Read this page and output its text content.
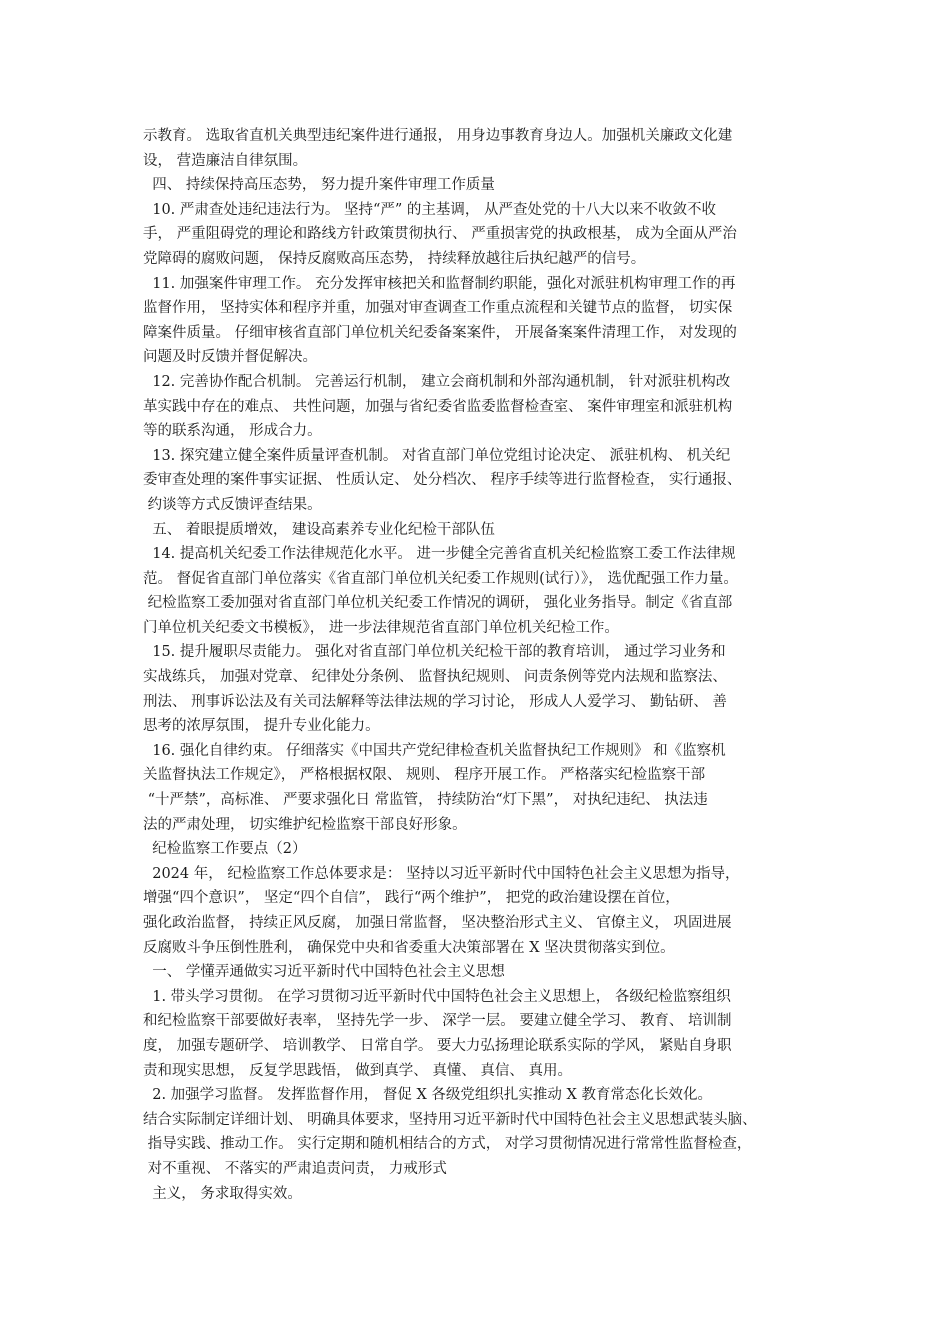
示教育。 选取省直机关典型违纪案件进行通报， 用身边事教育身边人。加强机关廉政文化建
设， 营造廉洁自律氛围。
四、 持续保持高压态势， 努力提升案件审理工作质量
10. 严肃查处违纪违法行为。 坚持“严” 的主基调， 从严查处党的十八大以来不收敛不收
手， 严重阻碍党的理论和路线方针政策贯彻执行、 严重损害党的执政根基， 成为全面从严治
党障碍的腐败问题， 保持反腐败高压态势， 持续释放越往后执纪越严的信号。
11. 加强案件审理工作。 充分发挥审核把关和监督制约职能，强化对派驻机构审理工作的再
监督作用， 坚持实体和程序并重，加强对审查调查工作重点流程和关键节点的监督， 切实保
障案件质量。 仔细审核省直部门单位机关纪委备案案件， 开展备案案件清理工作， 对发现的
问题及时反馈并督促解决。
12. 完善协作配合机制。 完善运行机制， 建立会商机制和外部沟通机制， 针对派驻机构改
革实践中存在的难点、 共性问题，加强与省纪委省监委监督检查室、 案件审理室和派驻机构
等的联系沟通， 形成合力。
13. 探究建立健全案件质量评查机制。 对省直部门单位党组讨论决定、 派驻机构、 机关纪
委审查处理的案件事实证据、 性质认定、 处分档次、 程序手续等进行监督检查， 实行通报、
约谈等方式反馈评查结果。
五、 着眼提质增效， 建设高素养专业化纪检干部队伍
14. 提高机关纪委工作法律规范化水平。 进一步健全完善省直机关纪检监察工委工作法律规
范。 督促省直部门单位落实《省直部门单位机关纪委工作规则(试行）》， 选优配强工作力量。
纪检监察工委加强对省直部门单位机关纪委工作情况的调研， 强化业务指导。制定《省直部
门单位机关纪委文书模板》， 进一步法律规范省直部门单位机关纪检工作。
15. 提升履职尽责能力。 强化对省直部门单位机关纪检干部的教育培训， 通过学习业务和
实战练兵， 加强对党章、 纪律处分条例、 监督执纪规则、 问责条例等党内法规和监察法、
刑法、 刑事诉讼法及有关司法解释等法律法规的学习讨论， 形成人人爱学习、 勤钻研、 善
思考的浓厚氛围， 提升专业化能力。
16. 强化自律约束。 仔细落实《中国共产党纪律检查机关监督执纪工作规则》 和《监察机
关监督执法工作规定》， 严格根据权限、 规则、 程序开展工作。 严格落实纪检监察干部
“十严禁”，高标准、 严要求强化日 常监管， 持续防治“灯下黑”， 对执纪违纪、 执法违
法的严肃处理， 切实维护纪检监察干部良好形象。
纪检监察工作要点（2）
2024 年， 纪检监察工作总体要求是： 坚持以习近平新时代中国特色社会主义思想为指导，
增强“四个意识”， 坚定“四个自信”， 践行“两个维护”， 把党的政治建设摆在首位，
强化政治监督， 持续正风反腐， 加强日常监督， 坚决整治形式主义、 官僚主义， 巩固进展
反腐败斗争压倒性胜利， 确保党中央和省委重大决策部署在 X 坚决贯彻落实到位。
一、 学懂弄通做实习近平新时代中国特色社会主义思想
1. 带头学习贯彻。 在学习贯彻习近平新时代中国特色社会主义思想上， 各级纪检监察组织
和纪检监察干部要做好表率， 坚持先学一步、 深学一层。 要建立健全学习、 教育、 培训制
度， 加强专题研学、 培训教学、 日常自学。 要大力弘扬理论联系实际的学风， 紧贴自身职
责和现实思想， 反复学思践悟， 做到真学、 真懂、 真信、 真用。
2. 加强学习监督。 发挥监督作用， 督促 X 各级党组织扎实推动 X 教育常态化长效化。
结合实际制定详细计划、 明确具体要求，坚持用习近平新时代中国特色社会主义思想武装头脑、
指导实践、推动工作。 实行定期和随机相结合的方式， 对学习贯彻情况进行常常性监督检查，
对不重视、 不落实的严肃追责问责， 力戒形式
主义， 务求取得实效。
